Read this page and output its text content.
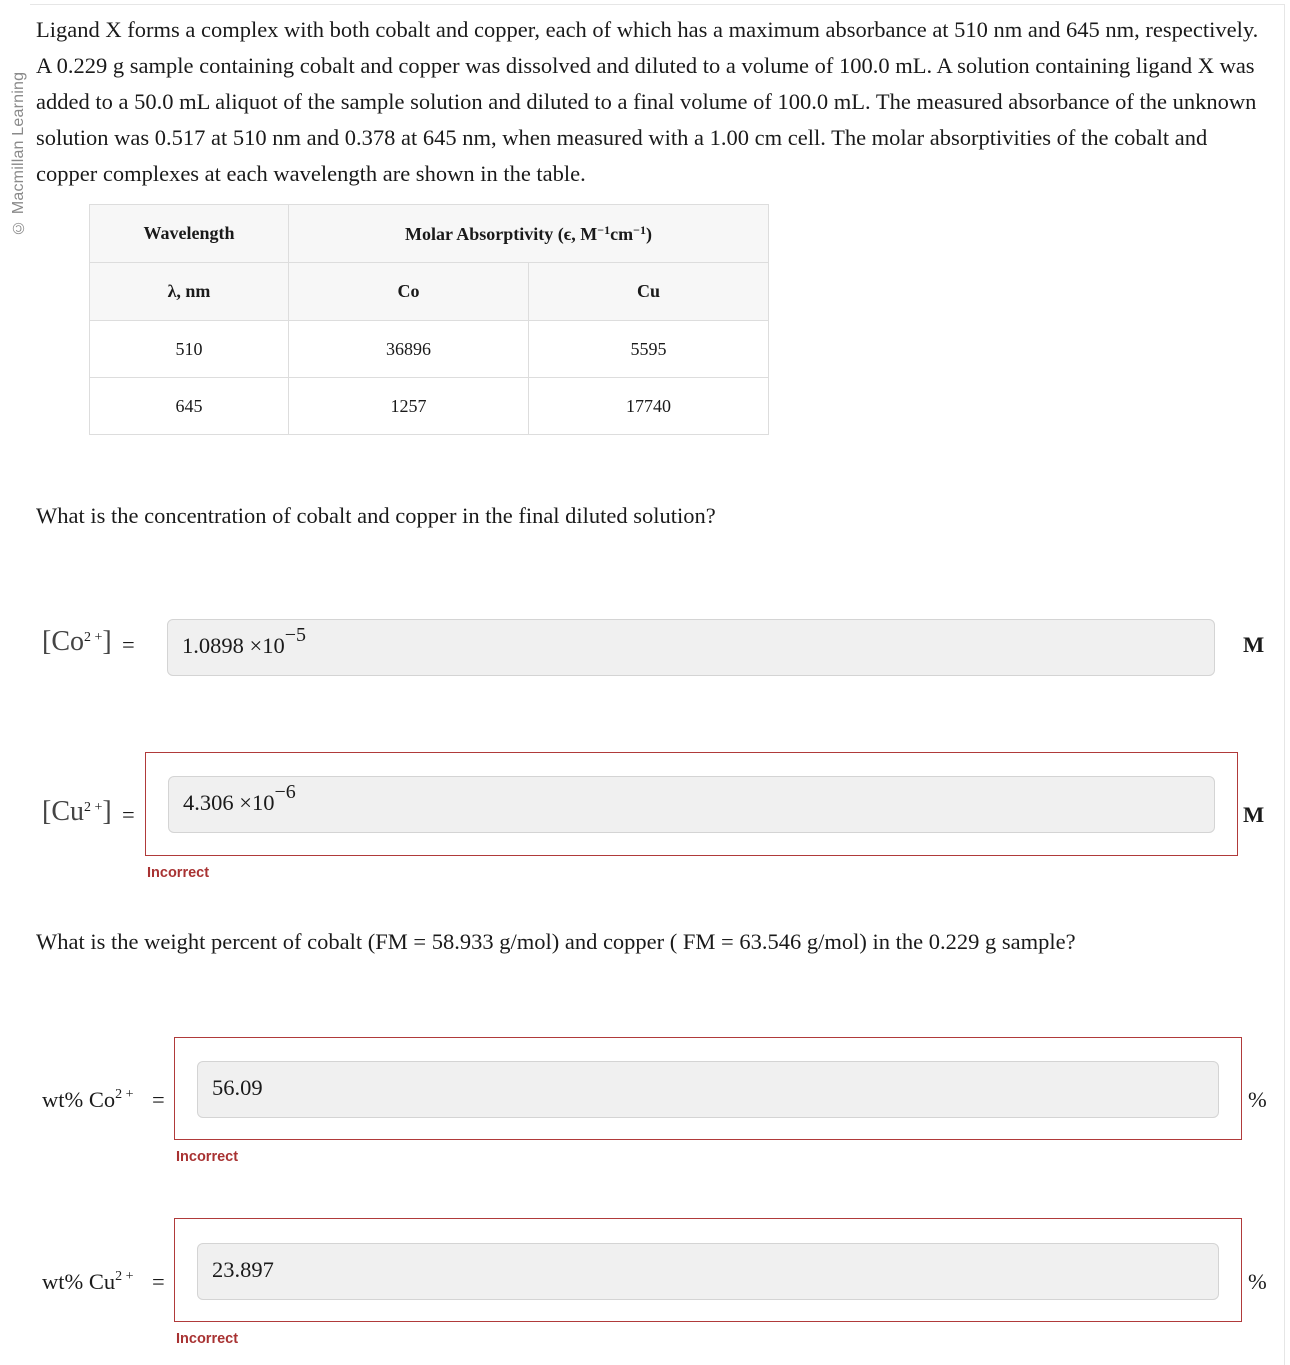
© Macmillan Learning

Ligand X forms a complex with both cobalt and copper, each of which has a maximum absorbance at 510 nm and 645 nm, respectively. A 0.229 g sample containing cobalt and copper was dissolved and diluted to a volume of 100.0 mL. A solution containing ligand X was added to a 50.0 mL aliquot of the sample solution and diluted to a final volume of 100.0 mL. The measured absorbance of the unknown solution was 0.517 at 510 nm and 0.378 at 645 nm, when measured with a 1.00 cm cell. The molar absorptivities of the cobalt and copper complexes at each wavelength are shown in the table.

Wavelength	Molar Absorptivity (ϵ, $M^{-1}cm^{-1}$)	
λ, nm	Co	Cu
510	36896	5595
645	1257	17740

What is the concentration of cobalt and copper in the final diluted solution?

$[Co^{2 +}] = 1.0898 \times 10-5$	M
$[Cu^{2 +}] = 4.306 \times 10-6$
M
Incorrect

What is the weight percent of cobalt (FM = 58.933 g/mol) and copper ( FM = 63.546 g/mol) in the 0.229 g sample?

wt% $Co^{2 +} = 56.09$	%
Incorrect
wt% $Cu^{2 +} = 23.897$	%
Incorrect
